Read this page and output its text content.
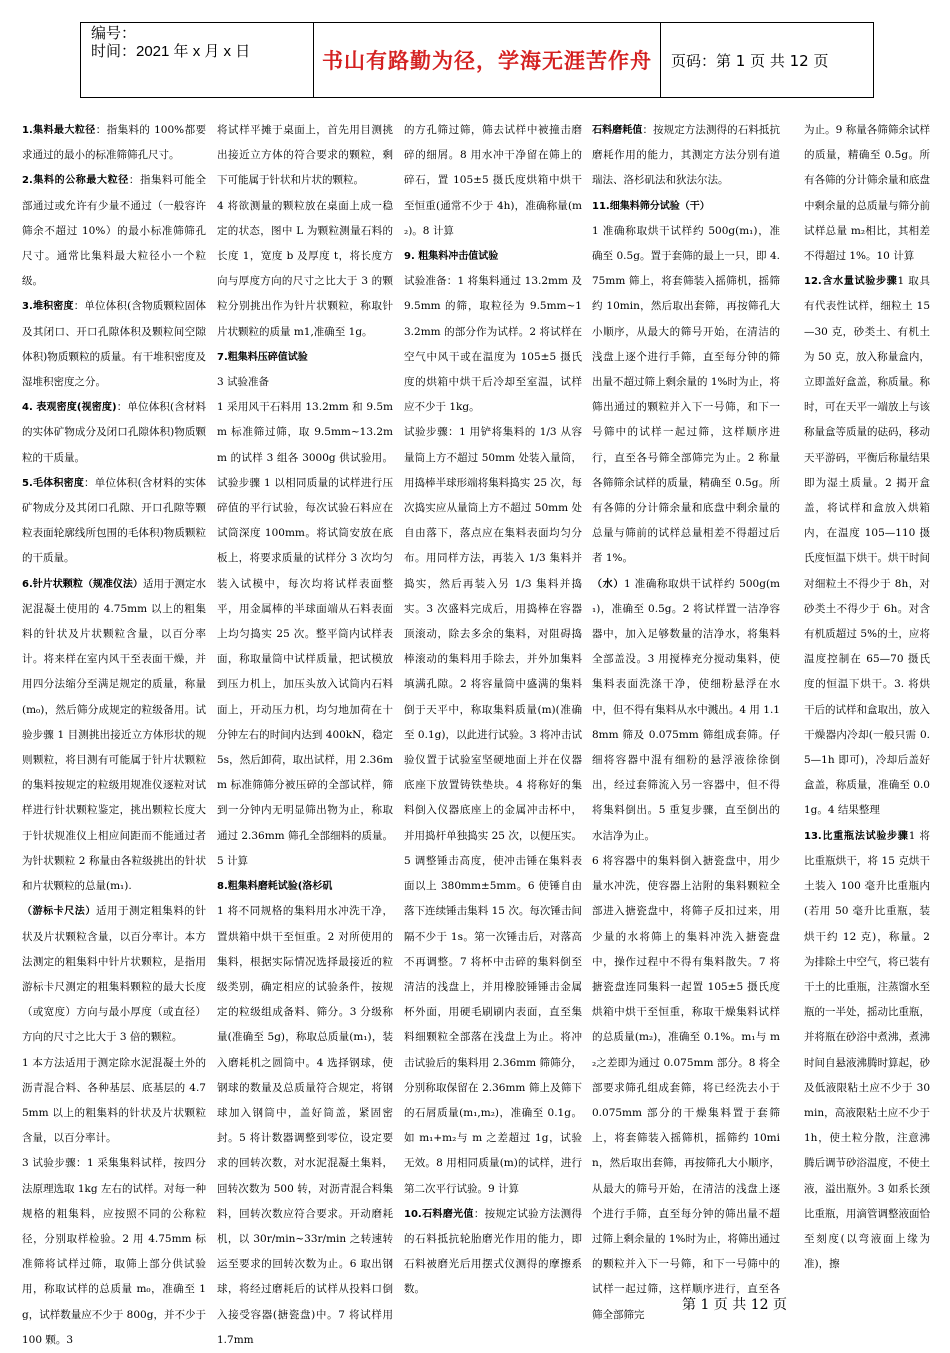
编号：
时间：2021 年 x 月 x 日	书山有路勤为径，学海无涯苦作舟	页码：第 1 页 共 12 页

1.集料最大粒径：指集料的 100%都要求通过的最小的标准筛筛孔尺寸。

2.集料的公称最大粒径：指集料可能全部通过或允许有少量不通过（一般容许筛余不超过 10%）的最小标准筛筛孔尺寸。通常比集料最大粒径小一个粒级。

3.堆积密度：单位体积(含物质颗粒固体及其闭口、开口孔隙体积及颗粒间空隙体积)物质颗粒的质量。有干堆积密度及湿堆积密度之分。

4. 表观密度(视密度)：单位体积(含材料的实体矿物成分及闭口孔隙体积)物质颗粒的干质量。

5.毛体积密度：单位体积(含材料的实体矿物成分及其闭口孔隙、开口孔隙等颗粒表面轮廓线所包围的毛体积)物质颗粒的干质量。

6.针片状颗粒（规准仪法）适用于测定水泥混凝土使用的 4.75mm 以上的粗集料的针状及片状颗粒含量，以百分率计。将来样在室内风干至表面干燥，并用四分法缩分至满足规定的质量，称量(m₀)，然后筛分成规定的粒级备用。试验步骤 1 目测挑出接近立方体形状的规则颗粒，将目测有可能属于针片状颗粒的集料按规定的粒级用规准仪逐粒对试样进行针状颗粒鉴定，挑出颗粒长度大于针状规准仪上相应间距而不能通过者为针状颗粒 2 称量由各粒级挑出的针状和片状颗粒的总量(m₁).

（游标卡尺法）适用于测定粗集料的针状及片状颗粒含量，以百分率计。本方法测定的粗集料中针片状颗粒，是指用游标卡尺测定的粗集料颗粒的最大长度（或宽度）方向与最小厚度（或直径）方向的尺寸之比大于 3 倍的颗粒。

1 本方法适用于测定除水泥混凝土外的沥青混合料、各种基层、底基层的 4.75mm 以上的粗集料的针状及片状颗粒含量，以百分率计。

3 试验步骤：1 采集集料试样，按四分法原理选取 1kg 左右的试样。对每一种规格的粗集料，应按照不同的公称粒径，分别取样检验。2 用 4.75mm 标准筛将试样过筛，取筛上部分供试验用，称取试样的总质量 m₀，准确至 1g，试样数量应不少于 800g，并不少于 100 颗。3

将试样平摊于桌面上，首先用目测挑出接近立方体的符合要求的颗粒，剩下可能属于针状和片状的颗粒。

4 将欲测量的颗粒放在桌面上成一稳定的状态，图中 L 为颗粒测量石料的长度 1，宽度 b 及厚度 t，将长度方向与厚度方向的尺寸之比大于 3 的颗粒分别挑出作为针片状颗粒，称取针片状颗粒的质量 m1,准确至 1g。

7.粗集料压碎值试验

3 试验准备

1 采用风干石料用 13.2mm 和 9.5mm 标准筛过筛，取 9.5mm~13.2mm 的试样 3 组各 3000g 供试验用。试验步骤 1 以相同质量的试样进行压碎值的平行试验，每次试验石料应在试筒深度 100mm。将试筒安放在底板上，将要求质量的试样分 3 次均匀装入试模中，每次均将试样表面整平，用金属棒的半球面端从石料表面上均匀捣实 25 次。整平筒内试样表面，称取量筒中试样质量，把试模放到压力机上，加压头放入试筒内石料面上，开动压力机，均匀地加荷在十分钟左右的时间内达到 400kN，稳定 5s，然后卸荷，取出试样，用 2.36mm 标准筛筛分被压碎的全部试样，筛到一分钟内无明显筛出物为止，称取通过 2.36mm 筛孔全部细料的质量。5 计算

8.粗集料磨耗试验(洛杉矶

1 将不同规格的集料用水冲洗干净，置烘箱中烘干至恒重。2 对所使用的集料，根据实际情况选择最接近的粒级类别，确定相应的试验条件，按规定的粒级组成备料、筛分。3 分级称量(准确至 5g)，称取总质量(m₁)，装入磨耗机之圆筒中。4 选择钢球，使钢球的数量及总质量符合规定，将钢球加入钢筒中，盖好筒盖，紧固密封。5 将计数器调整到零位，设定要求的回转次数，对水泥混凝土集料，回转次数为 500 转，对沥青混合料集料，回转次数应符合要求。开动磨耗机，以 30r/min~33r/min 之转速转运至要求的回转次数为止。6 取出钢球，将经过磨耗后的试样从投料口倒入接受容器(搪瓷盘)中。7 将试样用 1.7mm

的方孔筛过筛，筛去试样中被撞击磨碎的细屑。8 用水冲干净留在筛上的碎石，置 105±5 摄氏度烘箱中烘干至恒重(通常不少于 4h)，准确称量(m₂)。8 计算

9. 粗集料冲击值试验

试验准备：1 将集料通过 13.2mm 及 9.5mm 的筛，取粒径为 9.5mm~13.2mm 的部分作为试样。2 将试样在空气中风干或在温度为 105±5 摄氏度的烘箱中烘干后冷却至室温，试样应不少于 1kg。

试验步骤：1 用铲将集料的 1/3 从容量筒上方不超过 50mm 处装入量筒，用捣棒半球形端将集料捣实 25 次，每次捣实应从量筒上方不超过 50mm 处自由落下，落点应在集料表面均匀分布。用同样方法，再装入 1/3 集料并捣实，然后再装入另 1/3 集料并捣实。3 次盛料完成后，用捣棒在容器顶滚动，除去多余的集料，对阻碍捣棒滚动的集料用手除去，并外加集料填满孔隙。2 将容量筒中盛满的集料倒于天平中，称取集料质量(m)(准确至 0.1g)，以此进行试验。3 将冲击试验仪置于试验室坚硬地面上并在仪器底座下放置铸铁垫块。4 将称好的集料倒入仪器底座上的金属冲击杯中，并用捣杆单独捣实 25 次，以便压实。5 调整锤击高度，使冲击锤在集料表面以上 380mm±5mm。6 使锤自由落下连续锤击集料 15 次。每次锤击间隔不少于 1s。第一次锤击后，对落高不再调整。7 将杯中击碎的集料倒至清洁的浅盘上，并用橡胶锤锤击金属杯外面，用硬毛刷刷内表面，直至集料细颗粒全部落在浅盘上为止。将冲击试验后的集料用 2.36mm 筛筛分，分别称取保留在 2.36mm 筛上及筛下的石屑质量(m₁,m₂)，准确至 0.1g。如 m₁+m₂与 m 之差超过 1g，试验无效。8 用相同质量(m)的试样，进行第二次平行试验。9 计算

10.石料磨光值：按规定试验方法测得的石料抵抗轮胎磨光作用的能力，即石料被磨光后用摆式仪测得的摩擦系数。

石料磨耗值：按规定方法测得的石料抵抗磨耗作用的能力，其测定方法分别有道瑞法、洛杉矶法和狄法尔法。

11.细集料筛分试验（干）

1 准确称取烘干试样约 500g(m₁)，准确至 0.5g。置于套筛的最上一只，即 4.75mm 筛上，将套筛装入摇筛机，摇筛约 10min，然后取出套筛，再按筛孔大小顺序，从最大的筛号开始，在清洁的浅盘上逐个进行手筛，直至每分钟的筛出量不超过筛上剩余量的 1%时为止，将筛出通过的颗粒并入下一号筛，和下一号筛中的试样一起过筛，这样顺序进行，直至各号筛全部筛完为止。2 称量各筛筛余试样的质量，精确至 0.5g。所有各筛的分计筛余量和底盘中剩余量的总量与筛前的试样总量相差不得超过后者 1%。

（水）1 准确称取烘干试样约 500g(m₁)，准确至 0.5g。2 将试样置一洁净容器中，加入足够数量的洁净水，将集料全部盖没。3 用搅棒充分搅动集料，使集料表面洗涤干净，使细粉悬浮在水中，但不得有集料从水中溅出。4 用 1.18mm 筛及 0.075mm 筛组成套筛。仔细将容器中混有细粉的悬浮液徐徐倒出，经过套筛流入另一容器中，但不得将集料倒出。5 重复步骤，直至倒出的水洁净为止。

6 将容器中的集料倒入搪瓷盘中，用少量水冲洗，使容器上沾附的集料颗粒全部进入搪瓷盘中，将筛子反扣过来，用少量的水将筛上的集料冲洗入搪瓷盘中，操作过程中不得有集料散失。7 将搪瓷盘连同集料一起置 105±5 摄氏度烘箱中烘干至恒重，称取干燥集料试样的总质量(m₂)，准确至 0.1%。m₁与 m₂之差即为通过 0.075mm 部分。8 将全部要求筛孔组成套筛，将已经洗去小于 0.075mm 部分的干燥集料置于套筛上，将套筛装入摇筛机，摇筛约 10min，然后取出套筛，再按筛孔大小顺序，从最大的筛号开始，在清洁的浅盘上逐个进行手筛，直至每分钟的筛出量不超过筛上剩余量的 1%时为止，将筛出通过的颗粒并入下一号筛，和下一号筛中的试样一起过筛，这样顺序进行，直至各筛全部筛完

为止。9 称量各筛筛余试样的质量，精确至 0.5g。所有各筛的分计筛余量和底盘中剩余量的总质量与筛分前试样总量 m₂相比，其相差不得超过 1%。10 计算

12.含水量试验步骤1 取具有代表性试样，细粒土 15—30 克，砂类土、有机土为 50 克，放入称量盒内，立即盖好盒盖，称质量。称时，可在天平一端放上与该称量盒等质量的砝码，移动天平游码，平衡后称量结果即为湿土质量。2 揭开盒盖，将试样和盒放入烘箱内，在温度 105—110 摄氏度恒温下烘干。烘干时间对细粒土不得少于 8h，对砂类土不得少于 6h。对含有机质超过 5%的土，应将温度控制在 65—70 摄氏度的恒温下烘干。3. 将烘干后的试样和盒取出，放入干燥器内冷却(一般只需 0.5—1h 即可)，冷却后盖好盒盖，称质量，准确至 0.01g。4 结果整理

13.比重瓶法试验步骤1 将比重瓶烘干，将 15 克烘干土装入 100 毫升比重瓶内(若用 50 毫升比重瓶，装烘干约 12 克)，称量。2 为排除土中空气，将已装有干土的比重瓶，注蒸馏水至瓶的一半处，摇动比重瓶，并将瓶在砂浴中煮沸，煮沸时间自悬液沸腾时算起，砂及低液限粘土应不少于 30min，高液限粘土应不少于 1h，使土粒分散，注意沸腾后调节砂浴温度，不使土液，溢出瓶外。3 如系长颈比重瓶，用滴管调整液面恰至刻度(以弯液面上缘为准)，擦

第 1 页 共 12 页
